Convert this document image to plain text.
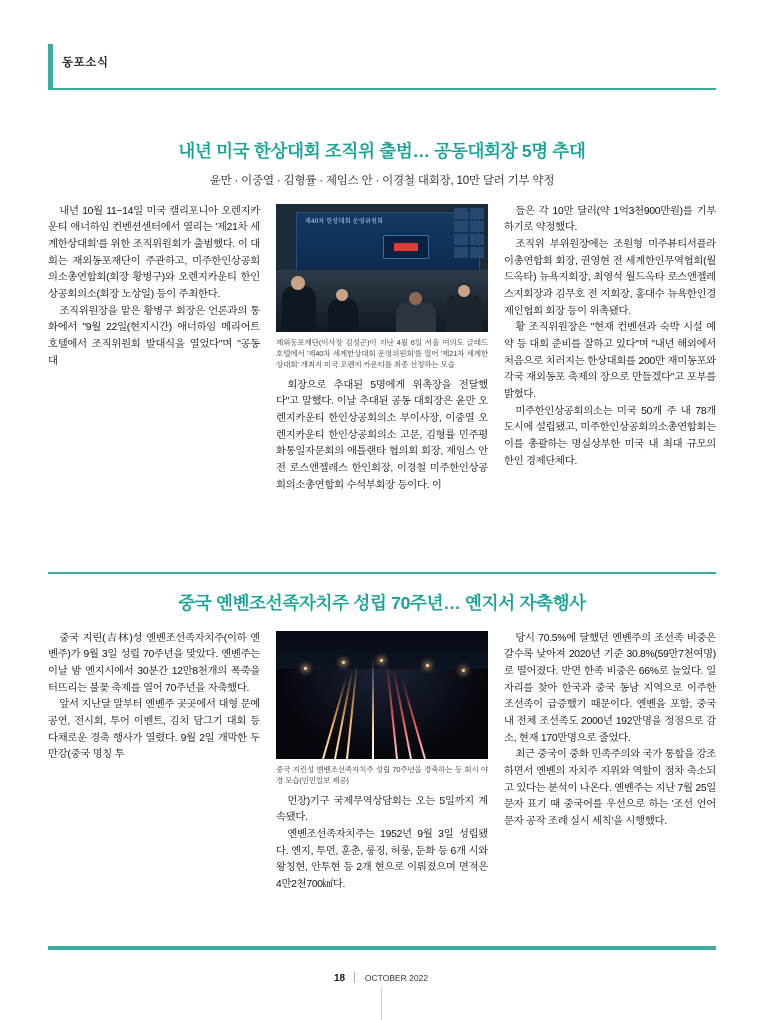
동포소식
내년 미국 한상대회 조직위 출범… 공동대회장 5명 추대
윤만 · 이중열 · 김형률 · 제임스 안 · 이경철 대회장, 10만 달러 기부 약정

내년 10월 11~14일 미국 캘리포니아 오렌지카운티 애너하임 컨벤션센터에서 열리는 '제21차 세계한상대회'를 위한 조직위원회가 출범했다. 이 대회는 재외동포재단이 주관하고, 미주한인상공회의소총연합회(회장 황병구)와 오렌지카운티 한인상공회의소(회장 노상일) 등이 주최한다.

조직위원장을 맡은 황병구 회장은 언론과의 통화에서 "9월 22일(현지시간) 애너하임 메리어트 호텔에서 조직위원회 발대식을 열었다"며 "공동 대

제40차 한상대회 운영위원회
재외동포재단(이사장 김성곤)이 지난 4월 6일 서울 여의도 글래드 호텔에서 '제40차 세계한상대회 운영위원회'를 열어 '제21차 세계한상대회' 개최지 미국 오렌지 카운티를 최종 선정하는 모습

회장으로 추대된 5명에게 위촉장을 전달했다"고 말했다. 이날 추대된 공동 대회장은 윤만 오렌지카운티 한인상공회의소 부이사장, 이중열 오렌지카운티 한인상공회의소 고문, 김형률 민주평화통일자문회의 애틀랜타 협의회 회장, 제임스 안 전 로스앤젤레스 한인회장, 이경철 미주한인상공회의소총연합회 수석부회장 등이다. 이

들은 각 10만 달러(약 1억3천900만원)를 기부하기로 약정했다.

조직위 부위원장에는 조원형 미주뷰티서플라이총연합회 회장, 권영현 전 세계한인무역협회(월드옥타) 뉴욕지회장, 최영석 월드옥타 로스앤젤레스지회장과 김무호 전 지회장, 홍대수 뉴욕한인경제인협회 회장 등이 위촉됐다.

황 조직위원장은 "현재 컨벤션과 숙박 시설 예약 등 대회 준비를 잘하고 있다"며 "내년 해외에서 처음으로 치러지는 한상대회를 200만 재미동포와 각국 재외동포 축제의 장으로 만들겠다"고 포부를 밝혔다.

미주한인상공회의소는 미국 50개 주 내 78개 도시에 설립됐고, 미주한인상공회의소총연합회는 이를 총괄하는 명실상부한 미국 내 최대 규모의 한인 경제단체다.

중국 옌볜조선족자치주 성립 70주년… 옌지서 자축행사

중국 지린(吉林)성 옌볜조선족자치주(이하 옌볜주)가 9월 3일 성립 70주년을 맞았다. 옌볜주는 이날 밤 옌지시에서 30분간 12만8천개의 폭죽을 터뜨리는 불꽃 축제를 열어 70주년을 자축했다.

앞서 지난달 말부터 옌볜주 곳곳에서 대형 문예 공연, 전시회, 투어 이벤트, 김치 담그기 대회 등 다채로운 경축 행사가 열렸다. 9월 2일 개막한 두만강(중국 명칭 투

중국 지린성 옌볜조선족자치주 성립 70주년을 경축하는 등 회시 야경 모습(인민일보 제공)

먼장)기구 국제무역상담회는 오는 5일까지 계속됐다.

옌볜조선족자치주는 1952년 9월 3일 성립됐다. 옌지, 투먼, 훈춘, 룽징, 허룽, 둔화 등 6개 시와 왕칭현, 안투현 등 2개 현으로 이뤄졌으며 면적은 4만2천700㎢다.

당시 70.5%에 달했던 옌볜주의 조선족 비중은 갈수록 낮아져 2020년 기준 30.8%(59만7천여명)로 떨어졌다. 반면 한족 비중은 66%로 늘었다. 일자리를 찾아 한국과 중국 동남 지역으로 이주한 조선족이 급증했기 때문이다. 옌볜을 포함, 중국 내 전체 조선족도 2000년 192만명을 정점으로 감소, 현재 170만명으로 줄었다.

최근 중국이 중화 민족주의와 국가 통합을 강조하면서 옌볜의 자치주 지위와 역할이 점차 축소되고 있다는 분석이 나온다. 옌볜주는 지난 7월 25일 문자 표기 때 중국어를 우선으로 하는 '조선 언어문자 공작 조례 실시 세칙'을 시행했다.

18 OCTOBER 2022
